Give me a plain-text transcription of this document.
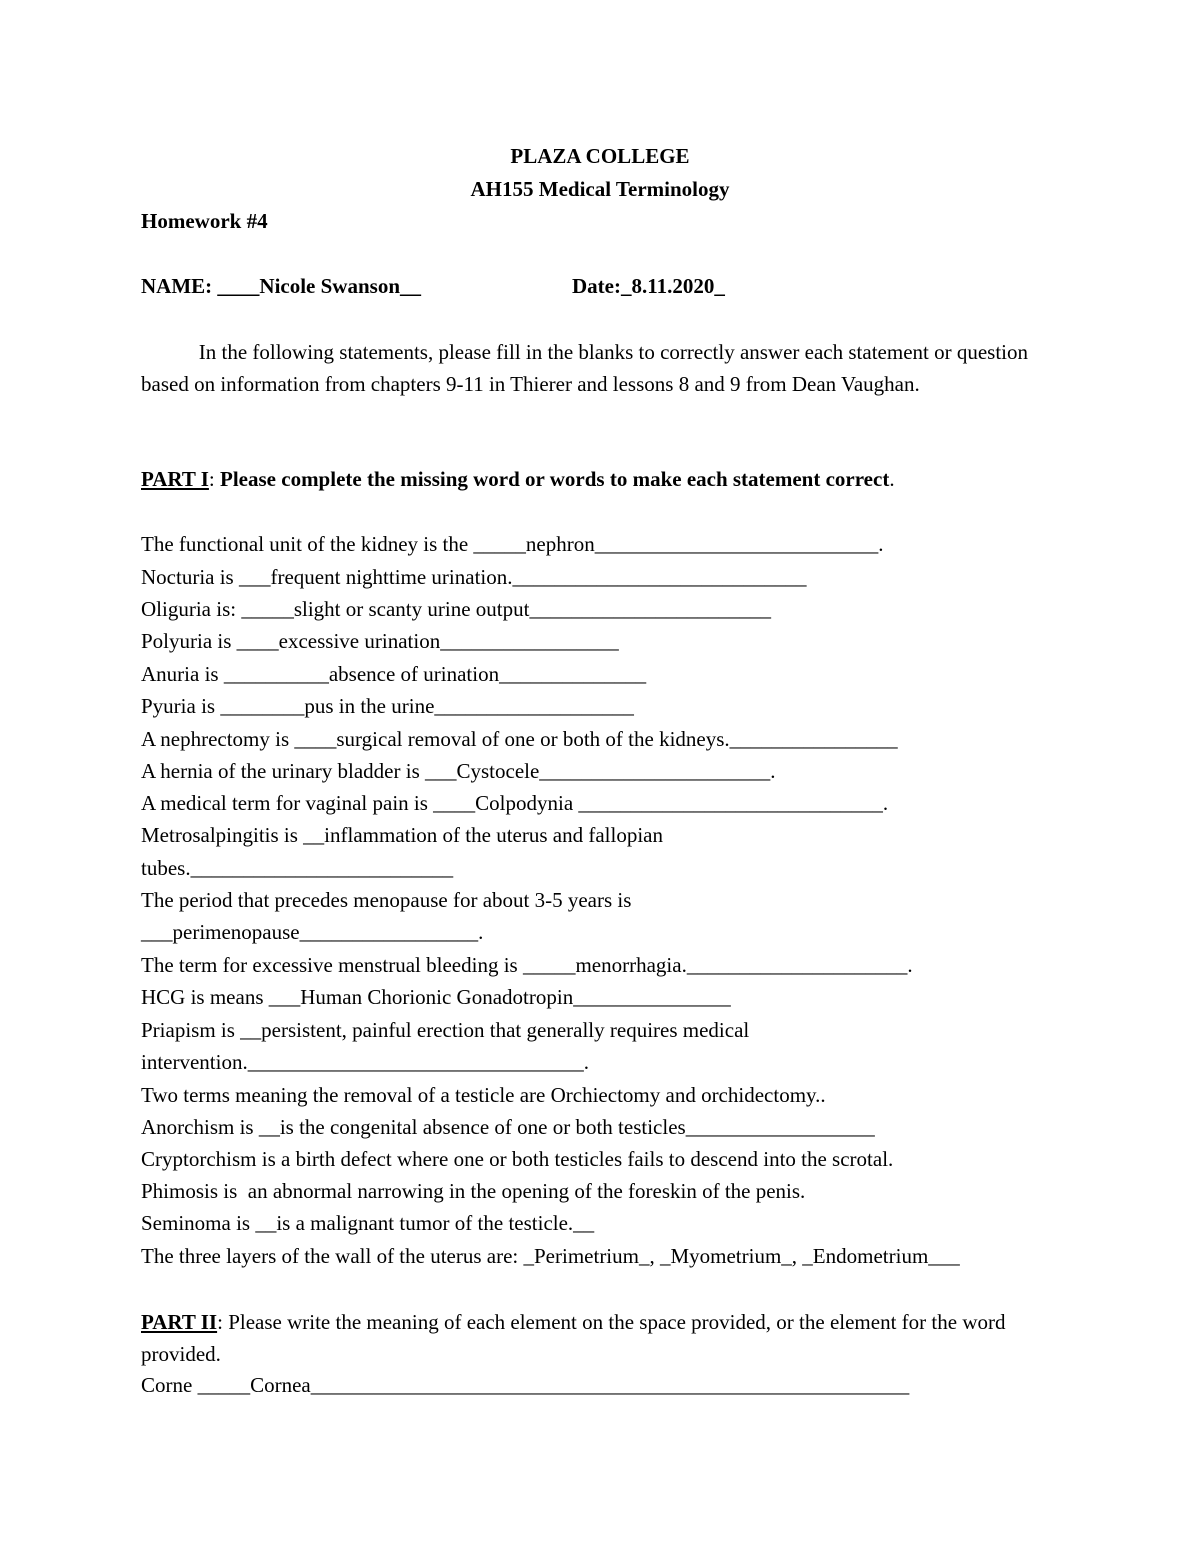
PLAZA COLLEGE
AH155 Medical Terminology
Homework #4
NAME: ____Nicole Swanson__	Date:_8.11.2020_
In the following statements, please fill in the blanks to correctly answer each statement or question based on information from chapters 9-11 in Thierer and lessons 8 and 9 from Dean Vaughan.
PART I: Please complete the missing word or words to make each statement correct.
The functional unit of the kidney is the _____nephron___________________________.
Nocturia is ___frequent nighttime urination.____________________________
Oliguria is: _____slight or scanty urine output_______________________
Polyuria is ____excessive urination_________________
Anuria is __________absence of urination______________
Pyuria is ________pus in the urine___________________
A nephrectomy is ____surgical removal of one or both of the kidneys.________________
A hernia of the urinary bladder is ___Cystocele______________________.
A medical term for vaginal pain is ____Colpodynia _____________________________.
Metrosalpingitis is __inflammation of the uterus and fallopian
tubes._________________________
The period that precedes menopause for about 3-5 years is
___perimenopause_________________.
The term for excessive menstrual bleeding is _____menorrhagia._____________________.
HCG is means ___Human Chorionic Gonadotropin_______________
Priapism is __persistent, painful erection that generally requires medical
intervention.________________________________.
Two terms meaning the removal of a testicle are Orchiectomy and orchidectomy..
Anorchism is __is the congenital absence of one or both testicles__________________
Cryptorchism is a birth defect where one or both testicles fails to descend into the scrotal.
Phimosis is  an abnormal narrowing in the opening of the foreskin of the penis.
Seminoma is __is a malignant tumor of the testicle.__
The three layers of the wall of the uterus are: _Perimetrium_, _Myometrium_, _Endometrium___
PART II: Please write the meaning of each element on the space provided, or the element for the word provided.
Corne _____Cornea_________________________________________________________
